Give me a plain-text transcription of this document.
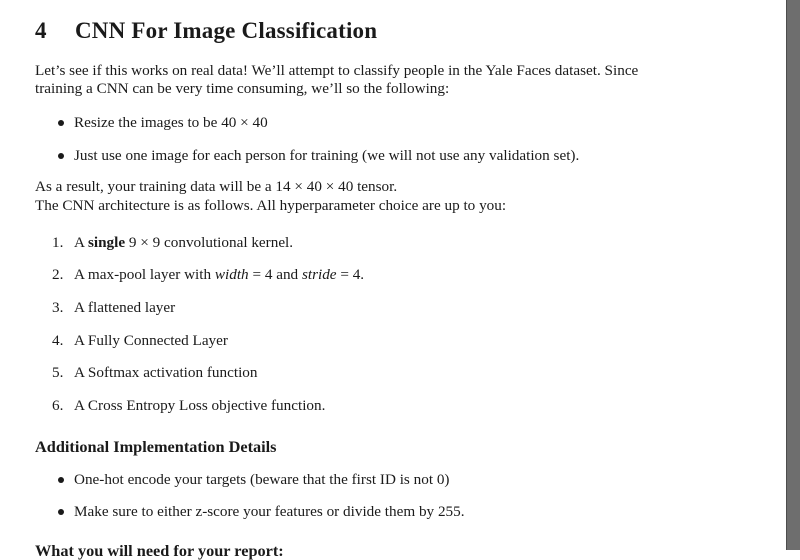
4 CNN For Image Classification
Let’s see if this works on real data! We’ll attempt to classify people in the Yale Faces dataset. Since
training a CNN can be very time consuming, we’ll so the following:
Resize the images to be 40 × 40
Just use one image for each person for training (we will not use any validation set).
As a result, your training data will be a 14 × 40 × 40 tensor.
The CNN architecture is as follows. All hyperparameter choice are up to you:
1. A single 9 × 9 convolutional kernel.
2. A max-pool layer with width = 4 and stride = 4.
3. A flattened layer
4. A Fully Connected Layer
5. A Softmax activation function
6. A Cross Entropy Loss objective function.
Additional Implementation Details
One-hot encode your targets (beware that the first ID is not 0)
Make sure to either z-score your features or divide them by 255.
What you will need for your report:
